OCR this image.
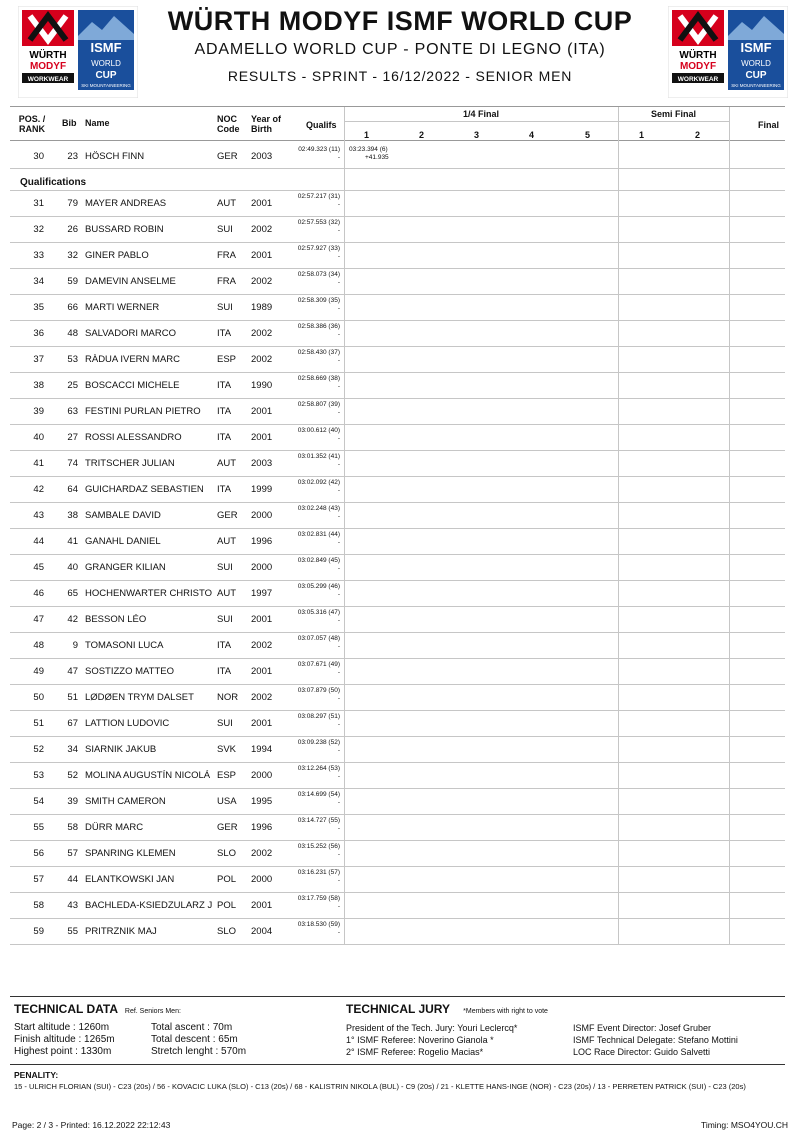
WÜRTH MODYF ISMF WORLD CUP
ADAMELLO WORLD CUP - PONTE DI LEGNO (ITA)
RESULTS - SPRINT - 16/12/2022 - SENIOR MEN
WÜRTH
MODYF
WORKWEAR
ISMF
WORLD
CUP
SKI MOUNTAINEERING
WÜRTH
MODYF
WORKWEAR
ISMF
WORLD
CUP
SKI MOUNTAINEERING
POS. /
RANK
Bib Name	NOC
Code
Year of
Birth	Qualifs
1/4 Final
1	2	3	4	5
Semi Final
1	2
Final
30	23 HÖSCH FINN	GER	2003
02:49.323 (11)
-
03:23.394 (6)
+41.935
Qualifications
31	79 MAYER ANDREAS	AUT	2001
02:57.217 (31)
-
32	26 BUSSARD ROBIN	SUI	2002
02:57.553 (32)
-
33	32 GINER PABLO	FRA	2001
02:57.927 (33)
-
34	59 DAMEVIN ANSELME	FRA	2002
02:58.073 (34)
-
35	66 MARTI WERNER	SUI	1989
02:58.309 (35)
-
36	48 SALVADORI MARCO	ITA	2002
02:58.386 (36)
-
37	53 RÀDUA IVERN MARC	ESP	2002
02:58.430 (37)
-
38	25 BOSCACCI MICHELE	ITA	1990
02:58.669 (38)
-
39	63 FESTINI PURLAN PIETRO	ITA	2001
02:58.807 (39)
-
40	27 ROSSI ALESSANDRO	ITA	2001
03:00.612 (40)
-
41	74 TRITSCHER JULIAN	AUT	2003
03:01.352 (41)
-
42	64 GUICHARDAZ SEBASTIEN	ITA	1999
03:02.092 (42)
-
43	38 SAMBALE DAVID	GER	2000
03:02.248 (43)
-
44	41 GANAHL DANIEL	AUT	1996
03:02.831 (44)
-
45	40 GRANGER KILIAN	SUI	2000
03:02.849 (45)
-
46	65 HOCHENWARTER CHRISTO AUT	1997
03:05.299 (46)
-
47	42 BESSON LÉO	SUI	2001
03:05.316 (47)
-
48	9 TOMASONI LUCA	ITA	2002
03:07.057 (48)
-
49	47 SOSTIZZO MATTEO	ITA	2001
03:07.671 (49)
-
50	51 LØDØEN TRYM DALSET	NOR	2002
03:07.879 (50)
-
51	67 LATTION LUDOVIC	SUI	2001
03:08.297 (51)
-
52	34 SIARNIK JAKUB	SVK	1994
03:09.238 (52)
-
53	52 MOLINA AUGUSTÍN NICOLÁ ESP	2000
03:12.264 (53)
-
54	39 SMITH CAMERON	USA	1995
03:14.699 (54)
-
55	58 DÜRR MARC	GER	1996
03:14.727 (55)
-
56	57 SPANRING KLEMEN	SLO	2002
03:15.252 (56)
-
57	44 ELANTKOWSKI JAN	POL	2000
03:16.231 (57)
-
58	43 BACHLEDA-KSIEDZULARZ J POL	2001
03:17.759 (58)
-
59	55 PRITRZNIK MAJ	SLO	2004
03:18.530 (59)
-
TECHNICAL DATA Ref. Seniors Men:
Start altitude : 1260m
Finish altitude : 1265m
Highest point : 1330m
Total ascent : 70m
Total descent : 65m
Stretch lenght : 570m
TECHNICAL JURY *Members with right to vote
President of the Tech. Jury: Youri Leclercq*
1° ISMF Referee: Noverino Gianola *
2° ISMF Referee: Rogelio Macias*
ISMF Event Director: Josef Gruber
ISMF Technical Delegate: Stefano Mottini
LOC Race Director: Guido Salvetti
PENALITY:
15 - ULRICH FLORIAN (SUI) - C23 (20s) / 56 - KOVACIC LUKA (SLO) - C13 (20s) / 68 - KALISTRIN NIKOLA (BUL) - C9 (20s) / 21 - KLETTE HANS-INGE (NOR) - C23 (20s) / 13 - PERRETEN PATRICK (SUI) - C23 (20s)
Page: 2 / 3 - Printed: 16.12.2022 22:12:43	Timing: MSO4YOU.CH
